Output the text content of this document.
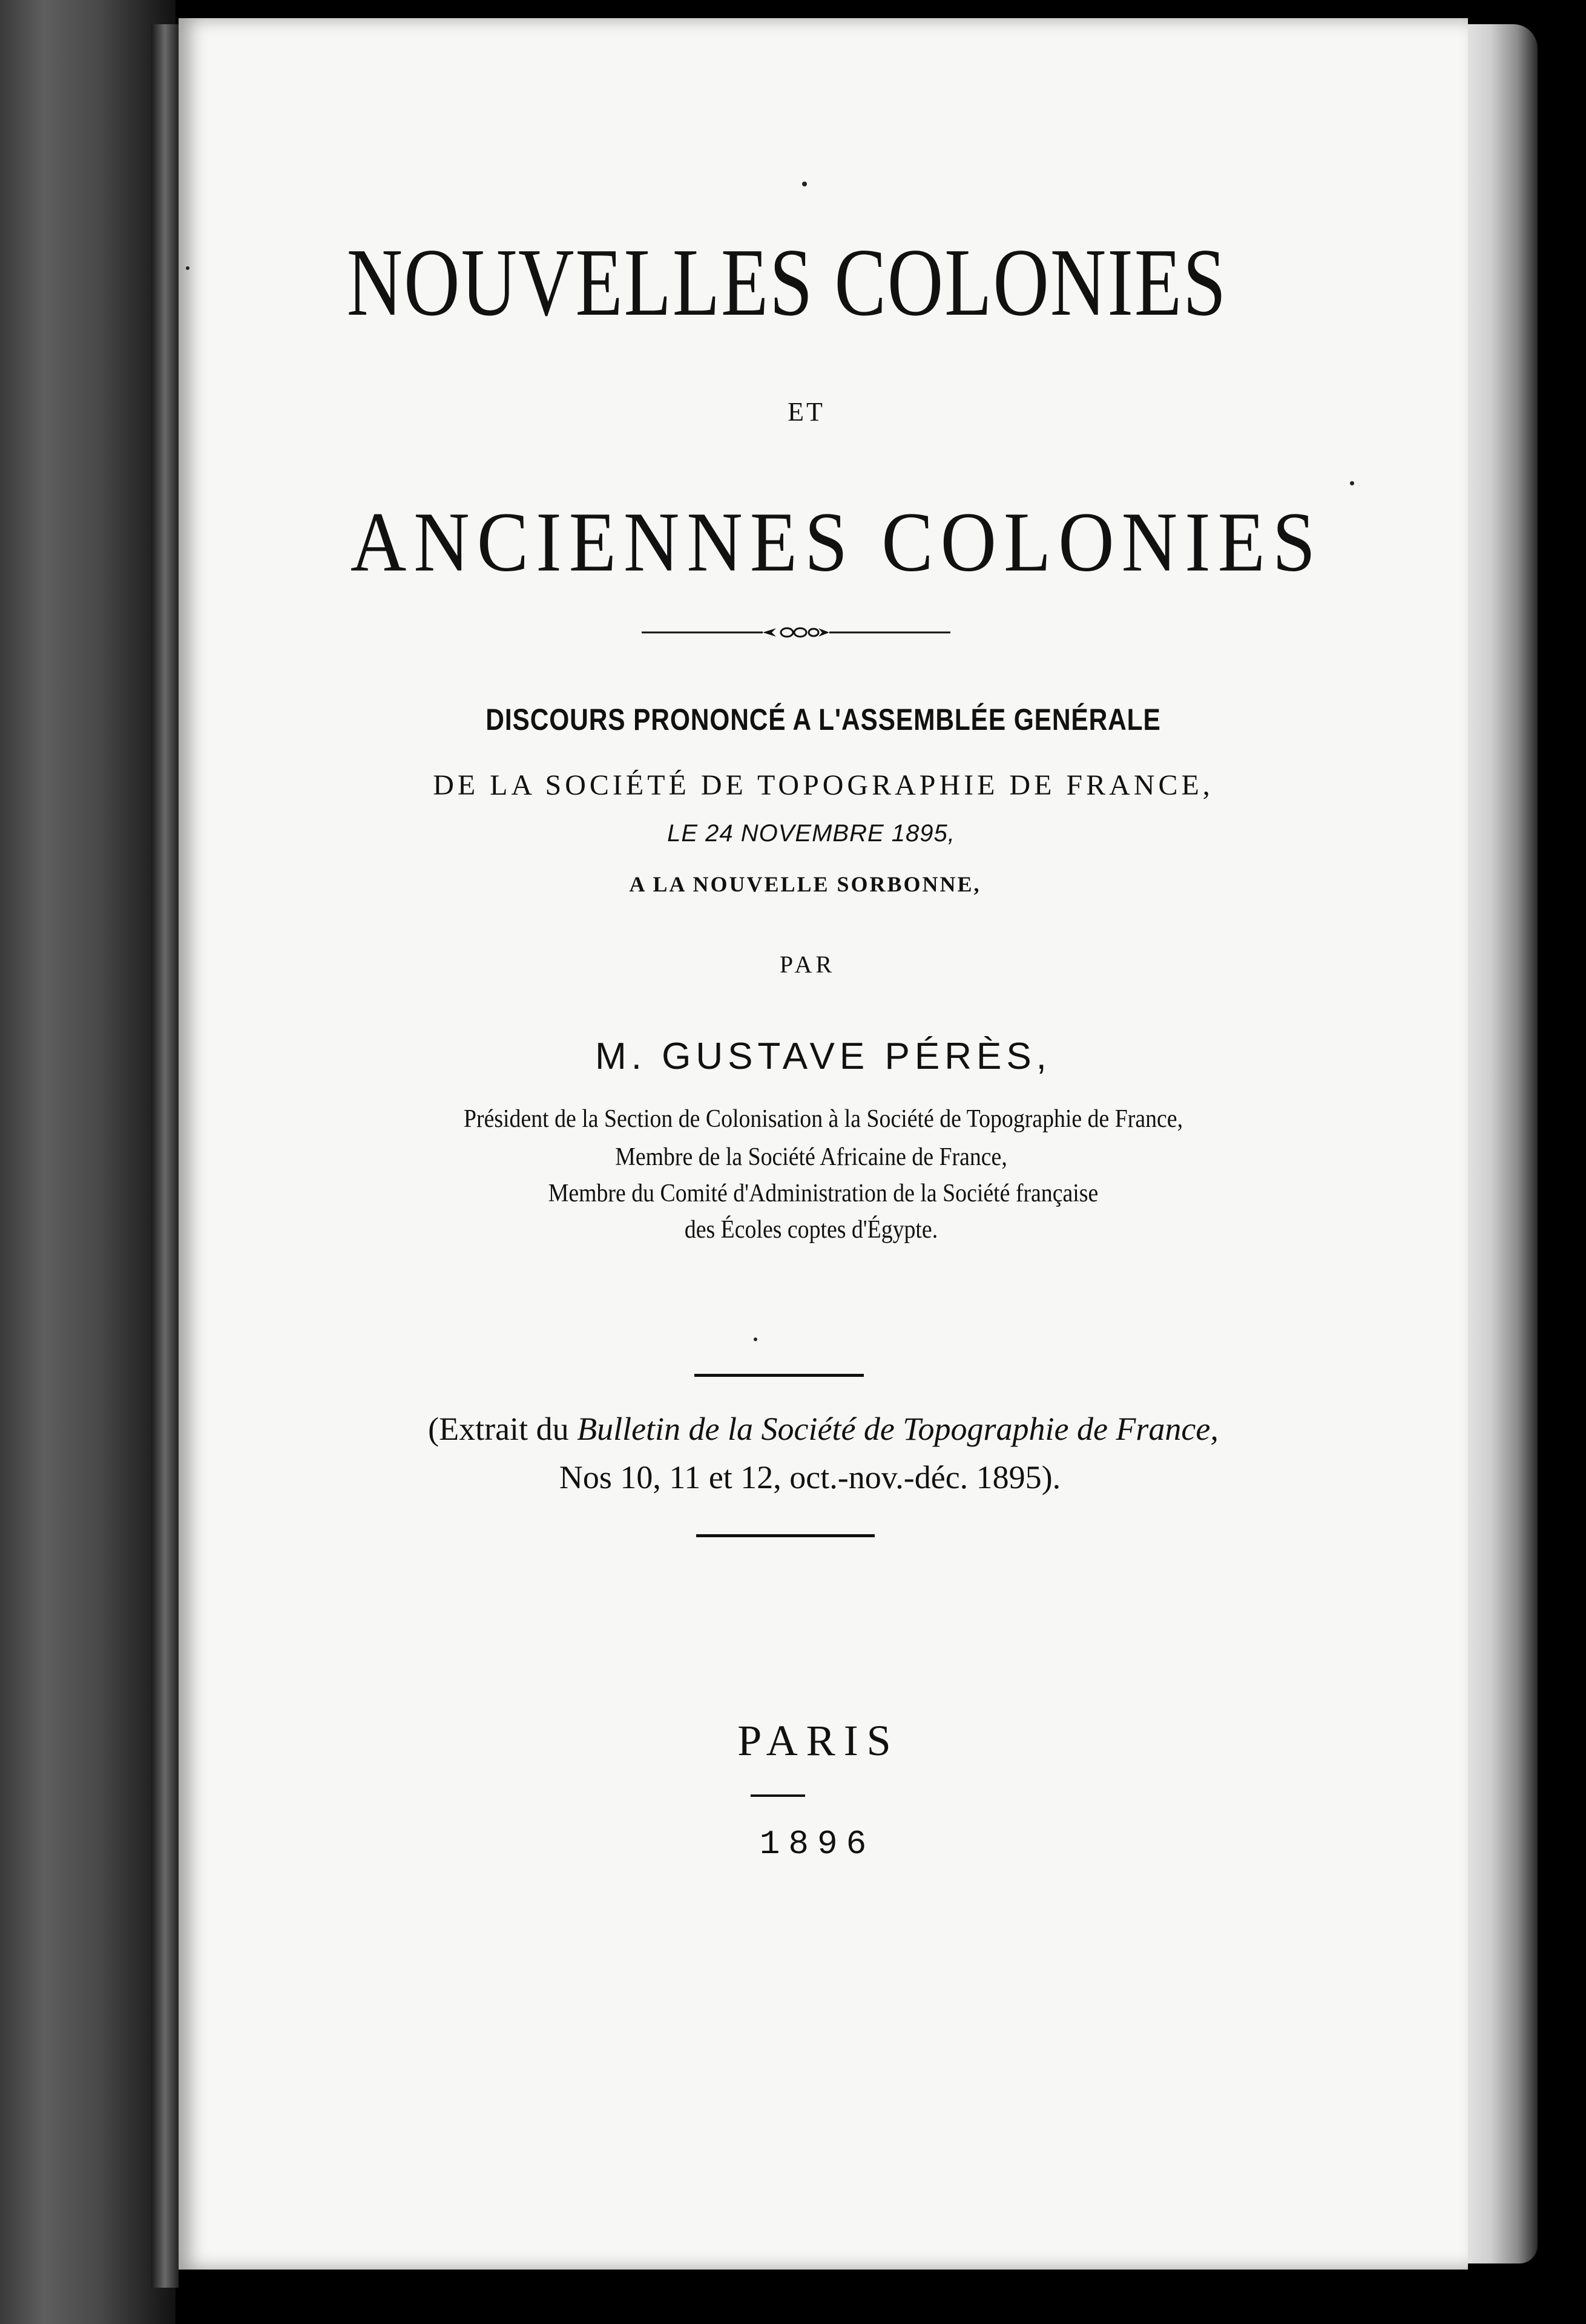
NOUVELLES COLONIES
ET
ANCIENNES COLONIES
DISCOURS PRONONCÉ A L'ASSEMBLÉE GENÉRALE
DE LA SOCIÉTÉ DE TOPOGRAPHIE DE FRANCE,
LE 24 NOVEMBRE 1895,
A LA NOUVELLE SORBONNE,
PAR
M. GUSTAVE PÉRÈS,
Président de la Section de Colonisation à la Société de Topographie de France,
Membre de la Société Africaine de France,
Membre du Comité d'Administration de la Société française
des Écoles coptes d'Égypte.
(Extrait du Bulletin de la Société de Topographie de France,
Nos 10, 11 et 12, oct.-nov.-déc. 1895).
PARIS
1896
